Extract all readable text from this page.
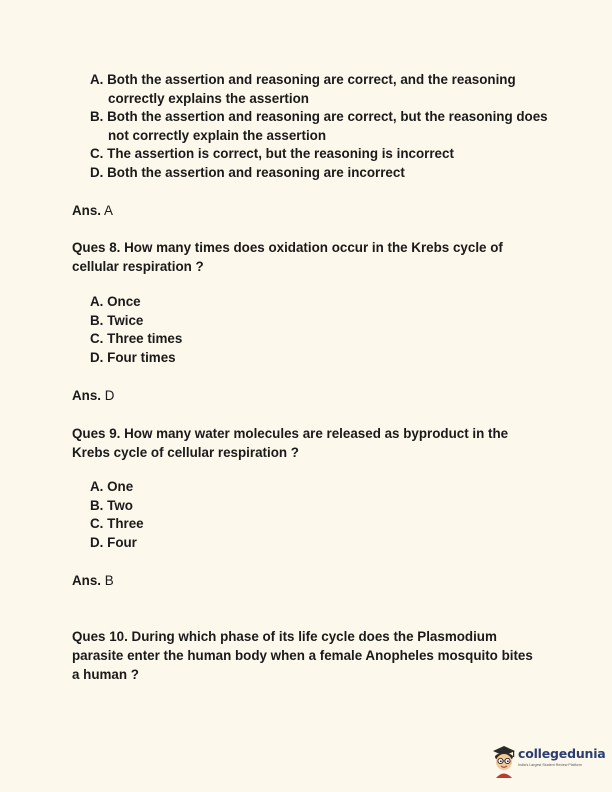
A. Both the assertion and reasoning are correct, and the reasoning correctly explains the assertion
B. Both the assertion and reasoning are correct, but the reasoning does not correctly explain the assertion
C. The assertion is correct, but the reasoning is incorrect
D. Both the assertion and reasoning are incorrect
Ans. A
Ques 8. How many times does oxidation occur in the Krebs cycle of cellular respiration ?
A. Once
B. Twice
C. Three times
D. Four times
Ans. D
Ques 9. How many water molecules are released as byproduct in the Krebs cycle of cellular respiration ?
A. One
B. Two
C. Three
D. Four
Ans. B
Ques 10. During which phase of its life cycle does the Plasmodium parasite enter the human body when a female Anopheles mosquito bites a human ?
collegedunia
India's Largest Student Review Platform
